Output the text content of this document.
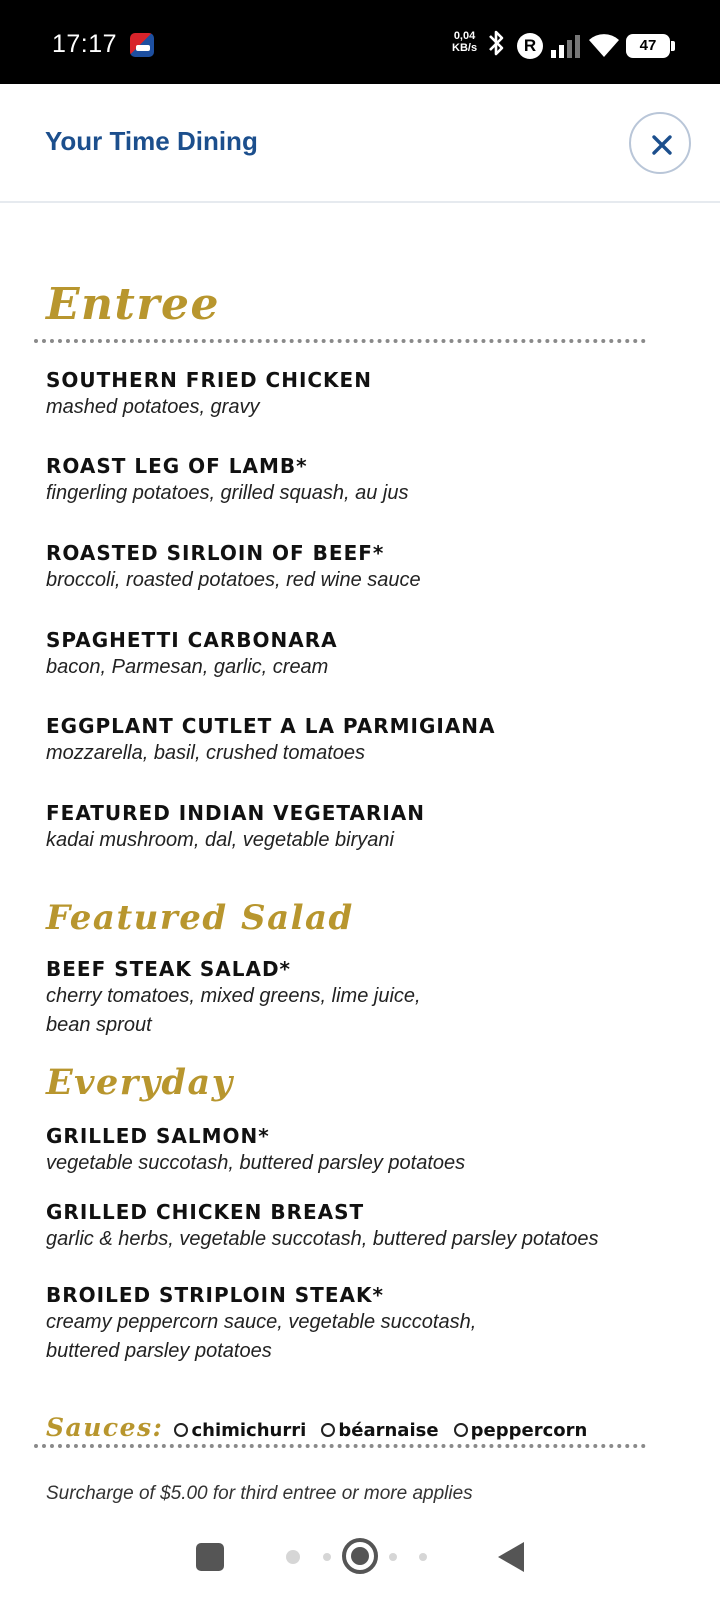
17:17	0,04
KB/s	R	47
Your Time Dining
Entree
SOUTHERN FRIED CHICKEN
mashed potatoes, gravy
ROAST LEG OF LAMB*
fingerling potatoes, grilled squash, au jus
ROASTED SIRLOIN OF BEEF*
broccoli, roasted potatoes, red wine sauce
SPAGHETTI CARBONARA
bacon, Parmesan, garlic, cream
EGGPLANT CUTLET A LA PARMIGIANA
mozzarella, basil, crushed tomatoes
FEATURED INDIAN VEGETARIAN
kadai mushroom, dal, vegetable biryani
Featured Salad
BEEF STEAK SALAD*
cherry tomatoes, mixed greens, lime juice,
bean sprout
Everyday
GRILLED SALMON*
vegetable succotash, buttered parsley potatoes
GRILLED CHICKEN BREAST
garlic & herbs, vegetable succotash, buttered parsley potatoes
BROILED STRIPLOIN STEAK*
creamy peppercorn sauce, vegetable succotash,
buttered parsley potatoes
Sauces: chimichurri béarnaise peppercorn
Surcharge of $5.00 for third entree or more applies
